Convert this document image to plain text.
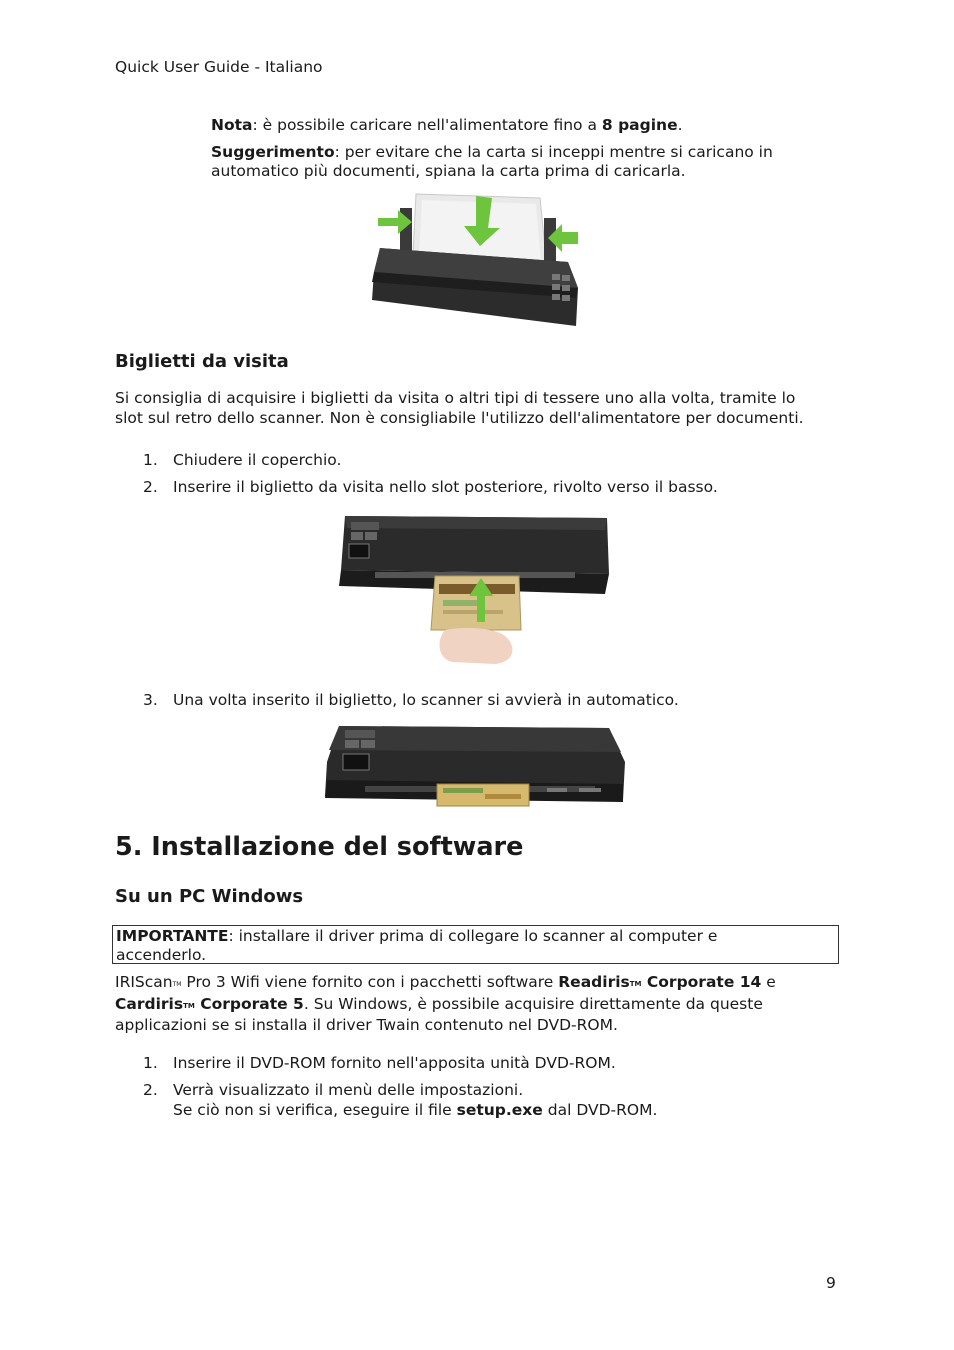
Quick User Guide - Italiano

Nota: è possibile caricare nell'alimentatore fino a 8 pagine.

Suggerimento: per evitare che la carta si inceppi mentre si caricano in

automatico più documenti, spiana la carta prima di caricarla.

Biglietti da visita
Si consiglia di acquisire i biglietti da visita o altri tipi di tessere uno alla volta, tramite lo
slot sul retro dello scanner. Non è consigliabile l'utilizzo dell'alimentatore per documenti.
1. Chiudere il coperchio.
2. Inserire il biglietto da visita nello slot posteriore, rivolto verso il basso.
3. Una volta inserito il biglietto, lo scanner si avvierà in automatico.
5. Installazione del software
Su un PC Windows
IMPORTANTE: installare il driver prima di collegare lo scanner al computer e
accenderlo.
IRIScanTM Pro 3 Wifi viene fornito con i pacchetti software ReadirisTM Corporate 14 e
CardirisTM Corporate 5. Su Windows, è possibile acquisire direttamente da queste
applicazioni se si installa il driver Twain contenuto nel DVD-ROM.
1. Inserire il DVD-ROM fornito nell'apposita unità DVD-ROM.
2. Verrà visualizzato il menù delle impostazioni.
Se ciò non si verifica, eseguire il file setup.exe dal DVD-ROM.
9
